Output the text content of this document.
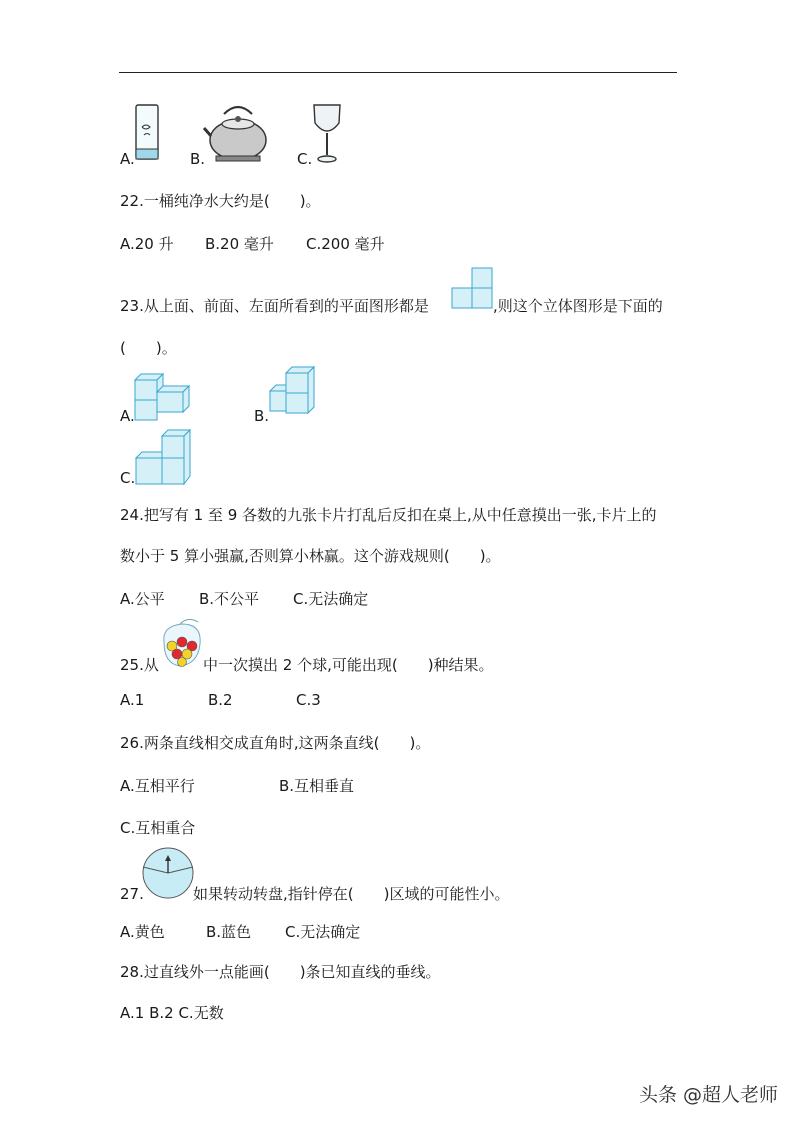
A.	B.	C.
22.一桶纯净水大约是(　　)。
A.20 升 B.20 毫升 C.200 毫升
23.从上面、前面、左面所看到的平面图形都是	,则这个立体图形是下面的
(　　)。
A.	B.
C.
24.把写有 1 至 9 各数的九张卡片打乱后反扣在桌上,从中任意摸出一张,卡片上的
数小于 5 算小强赢,否则算小林赢。这个游戏规则(　　)。
A.公平 B.不公平 C.无法确定
25.从	中一次摸出 2 个球,可能出现(　　)种结果。
A.1	B.2	C.3
26.两条直线相交成直角时,这两条直线(　　)。
A.互相平行	B.互相垂直
C.互相重合
27.	如果转动转盘,指针停在(　　)区域的可能性小。
A.黄色	B.蓝色 C.无法确定
28.过直线外一点能画(　　)条已知直线的垂线。
A.1 B.2 C.无数
头条 @超人老师
